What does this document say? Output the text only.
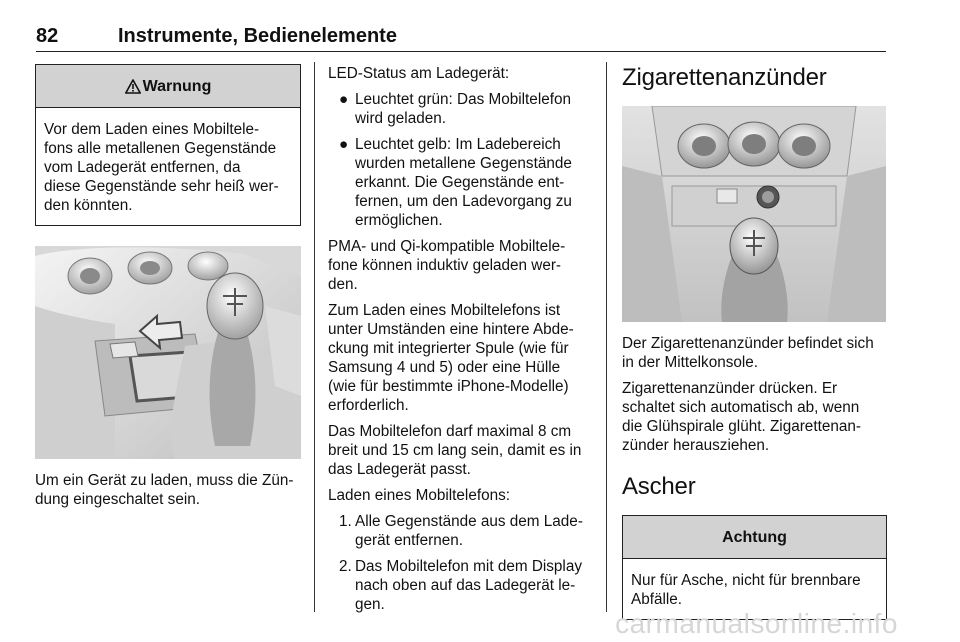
82	Instrumente, Bedienelemente
Warnung
Vor dem Laden eines Mobiltele-
fons alle metallenen Gegenstände
vom Ladegerät entfernen, da
diese Gegenstände sehr heiß wer-
den könnten.

Um ein Gerät zu laden, muss die Zün-
dung eingeschaltet sein.

LED-Status am Ladegerät:

● Leuchtet grün: Das Mobiltelefon
wird geladen.
● Leuchtet gelb: Im Ladebereich
wurden metallene Gegenstände
erkannt. Die Gegenstände ent-
fernen, um den Ladevorgang zu
ermöglichen.

PMA- und Qi-kompatible Mobiltele-
fone können induktiv geladen wer-
den.

Zum Laden eines Mobiltelefons ist
unter Umständen eine hintere Abde-
ckung mit integrierter Spule (wie für
Samsung 4 und 5) oder eine Hülle
(wie für bestimmte iPhone-Modelle)
erforderlich.

Das Mobiltelefon darf maximal 8 cm
breit und 15 cm lang sein, damit es in
das Ladegerät passt.

Laden eines Mobiltelefons:

1. Alle Gegenstände aus dem Lade-
gerät entfernen.
2. Das Mobiltelefon mit dem Display
nach oben auf das Ladegerät le-
gen.
Zigarettenanzünder

Der Zigarettenanzünder befindet sich
in der Mittelkonsole.

Zigarettenanzünder drücken. Er
schaltet sich automatisch ab, wenn
die Glühspirale glüht. Zigarettenan-
zünder herausziehen.

Ascher
Achtung
Nur für Asche, nicht für brennbare
Abfälle.
carmanualsonline.info
